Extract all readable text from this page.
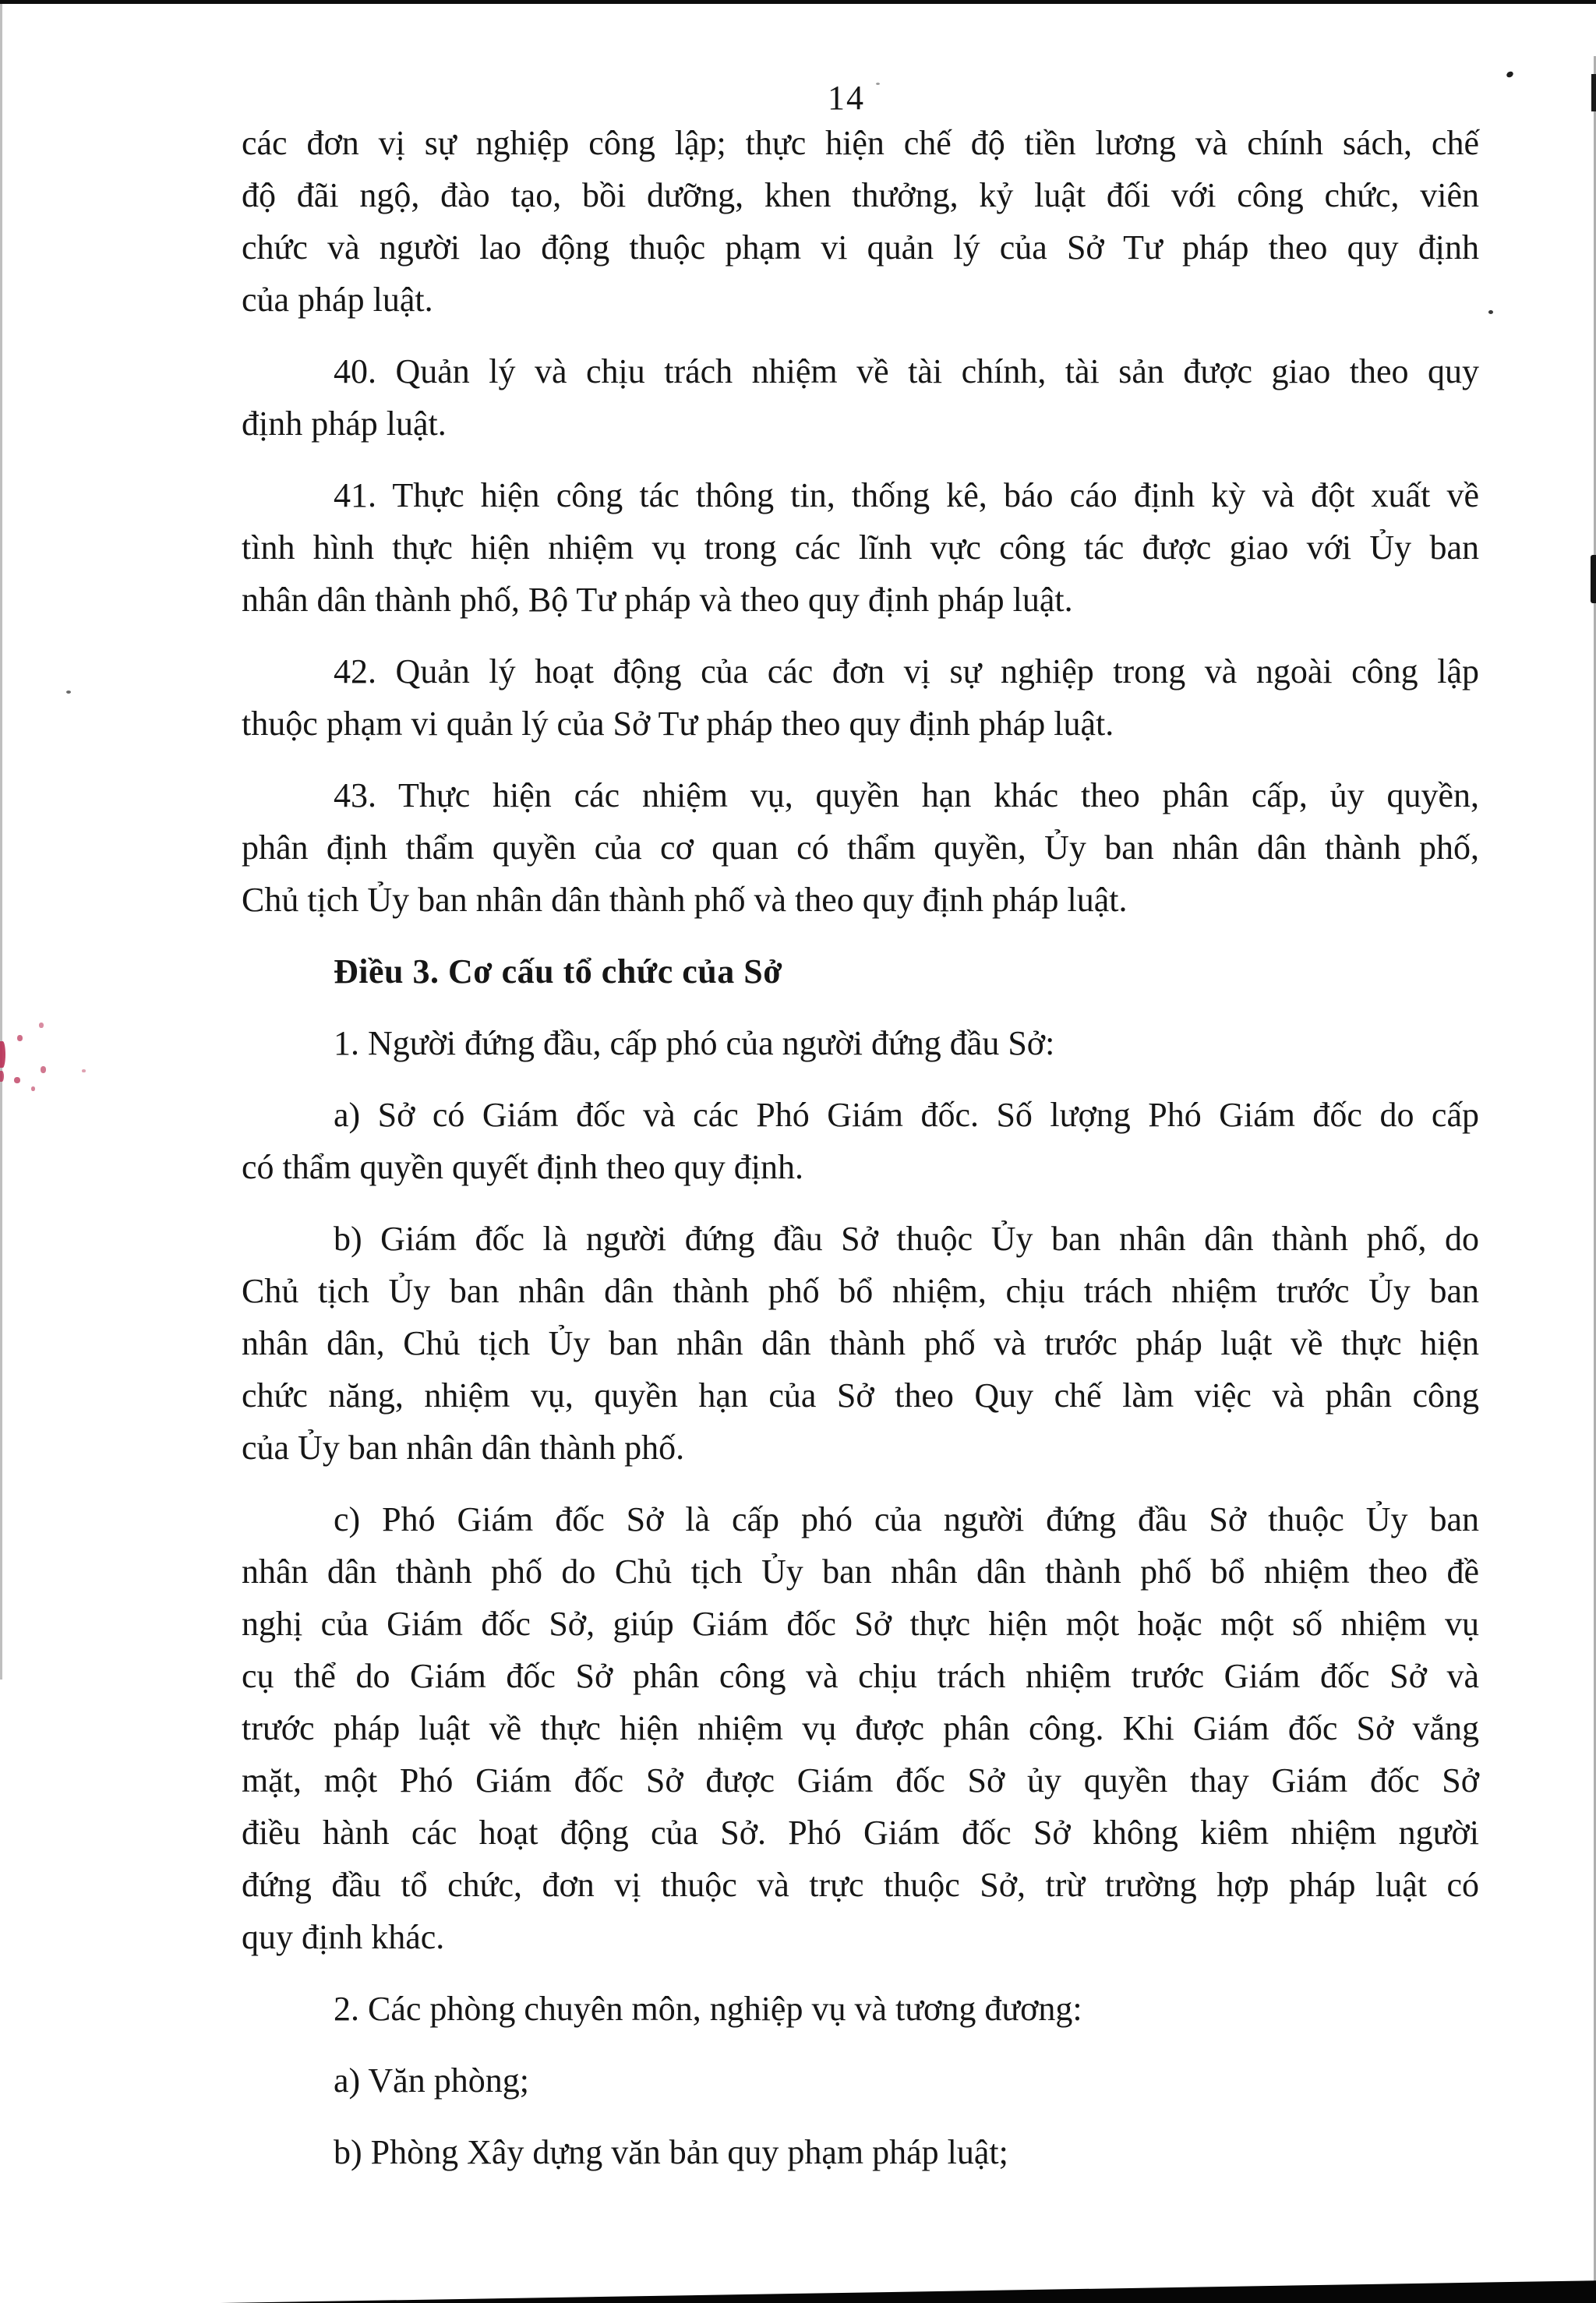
14
các đơn vị sự nghiệp công lập; thực hiện chế độ tiền lương và chính sách, chế
độ đãi ngộ, đào tạo, bồi dưỡng, khen thưởng, kỷ luật đối với công chức, viên
chức và người lao động thuộc phạm vi quản lý của Sở Tư pháp theo quy định
của pháp luật.
40. Quản lý và chịu trách nhiệm về tài chính, tài sản được giao theo quy
định pháp luật.
41. Thực hiện công tác thông tin, thống kê, báo cáo định kỳ và đột xuất về
tình hình thực hiện nhiệm vụ trong các lĩnh vực công tác được giao với Ủy ban
nhân dân thành phố, Bộ Tư pháp và theo quy định pháp luật.
42. Quản lý hoạt động của các đơn vị sự nghiệp trong và ngoài công lập
thuộc phạm vi quản lý của Sở Tư pháp theo quy định pháp luật.
43. Thực hiện các nhiệm vụ, quyền hạn khác theo phân cấp, ủy quyền,
phân định thẩm quyền của cơ quan có thẩm quyền, Ủy ban nhân dân thành phố,
Chủ tịch Ủy ban nhân dân thành phố và theo quy định pháp luật.
Điều 3. Cơ cấu tổ chức của Sở
1. Người đứng đầu, cấp phó của người đứng đầu Sở:
a) Sở có Giám đốc và các Phó Giám đốc. Số lượng Phó Giám đốc do cấp
có thẩm quyền quyết định theo quy định.
b) Giám đốc là người đứng đầu Sở thuộc Ủy ban nhân dân thành phố, do
Chủ tịch Ủy ban nhân dân thành phố bổ nhiệm, chịu trách nhiệm trước Ủy ban
nhân dân, Chủ tịch Ủy ban nhân dân thành phố và trước pháp luật về thực hiện
chức năng, nhiệm vụ, quyền hạn của Sở theo Quy chế làm việc và phân công
của Ủy ban nhân dân thành phố.
c) Phó Giám đốc Sở là cấp phó của người đứng đầu Sở thuộc Ủy ban
nhân dân thành phố do Chủ tịch Ủy ban nhân dân thành phố bổ nhiệm theo đề
nghị của Giám đốc Sở, giúp Giám đốc Sở thực hiện một hoặc một số nhiệm vụ
cụ thể do Giám đốc Sở phân công và chịu trách nhiệm trước Giám đốc Sở và
trước pháp luật về thực hiện nhiệm vụ được phân công. Khi Giám đốc Sở vắng
mặt, một Phó Giám đốc Sở được Giám đốc Sở ủy quyền thay Giám đốc Sở
điều hành các hoạt động của Sở. Phó Giám đốc Sở không kiêm nhiệm người
đứng đầu tổ chức, đơn vị thuộc và trực thuộc Sở, trừ trường hợp pháp luật có
quy định khác.
2. Các phòng chuyên môn, nghiệp vụ và tương đương:
a) Văn phòng;
b) Phòng Xây dựng văn bản quy phạm pháp luật;
